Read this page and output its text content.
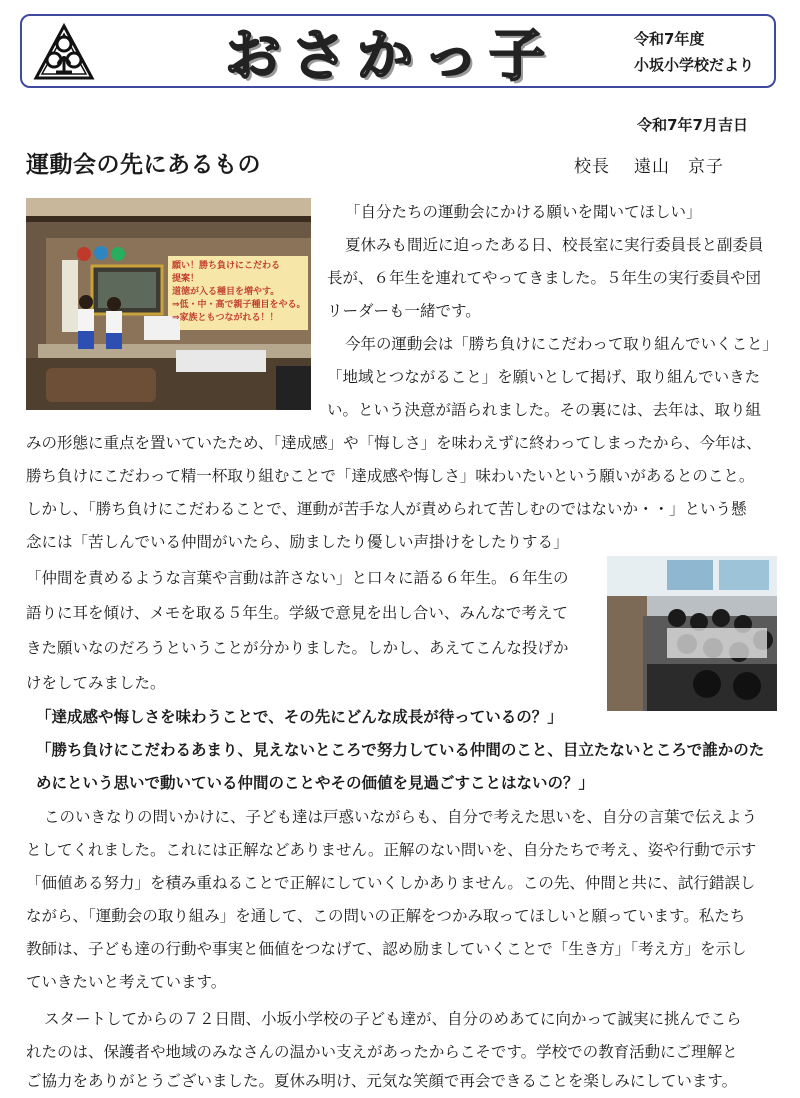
おさかっ子	令和7年度
小坂小学校だより
令和7年7月吉日
運動会の先にあるもの	校長 遠山　京子
願い！勝ち負けにこだわる
提案！
道徳が入る種目を増やす。
⇒低・中・高で親子種目をやる。
⇒家族ともつながれる！！
「自分たちの運動会にかける願いを聞いてほしい」
夏休みも間近に迫ったある日、校長室に実行委員長と副委員
長が、６年生を連れてやってきました。５年生の実行委員や団
リーダーも一緒です。
今年の運動会は「勝ち負けにこだわって取り組んでいくこと」
「地域とつながること」を願いとして掲げ、取り組んでいきた
い。という決意が語られました。その裏には、去年は、取り組
みの形態に重点を置いていたため、「達成感」や「悔しさ」を味わえずに終わってしまったから、今年は、
勝ち負けにこだわって精一杯取り組むことで「達成感や悔しさ」味わいたいという願いがあるとのこと。
しかし、「勝ち負けにこだわることで、運動が苦手な人が責められて苦しむのではないか・・」という懸
念には「苦しんでいる仲間がいたら、励ましたり優しい声掛けをしたりする」
「仲間を責めるような言葉や言動は許さない」と口々に語る６年生。６年生の
語りに耳を傾け、メモを取る５年生。学級で意見を出し合い、みんなで考えて
きた願いなのだろうということが分かりました。しかし、あえてこんな投げか
けをしてみました。
「達成感や悔しさを味わうことで、その先にどんな成長が待っているの？」
「勝ち負けにこだわるあまり、見えないところで努力している仲間のこと、目立たないところで誰かのた
めにという思いで動いている仲間のことやその価値を見過ごすことはないの？」
このいきなりの問いかけに、子ども達は戸惑いながらも、自分で考えた思いを、自分の言葉で伝えよう
としてくれました。これには正解などありません。正解のない問いを、自分たちで考え、姿や行動で示す
「価値ある努力」を積み重ねることで正解にしていくしかありません。この先、仲間と共に、試行錯誤し
ながら、「運動会の取り組み」を通して、この問いの正解をつかみ取ってほしいと願っています。私たち
教師は、子ども達の行動や事実と価値をつなげて、認め励ましていくことで「生き方」「考え方」を示し
ていきたいと考えています。
スタートしてからの７２日間、小坂小学校の子ども達が、自分のめあてに向かって誠実に挑んでこら
れたのは、保護者や地域のみなさんの温かい支えがあったからこそです。学校での教育活動にご理解と
ご協力をありがとうございました。夏休み明け、元気な笑顔で再会できることを楽しみにしています。
